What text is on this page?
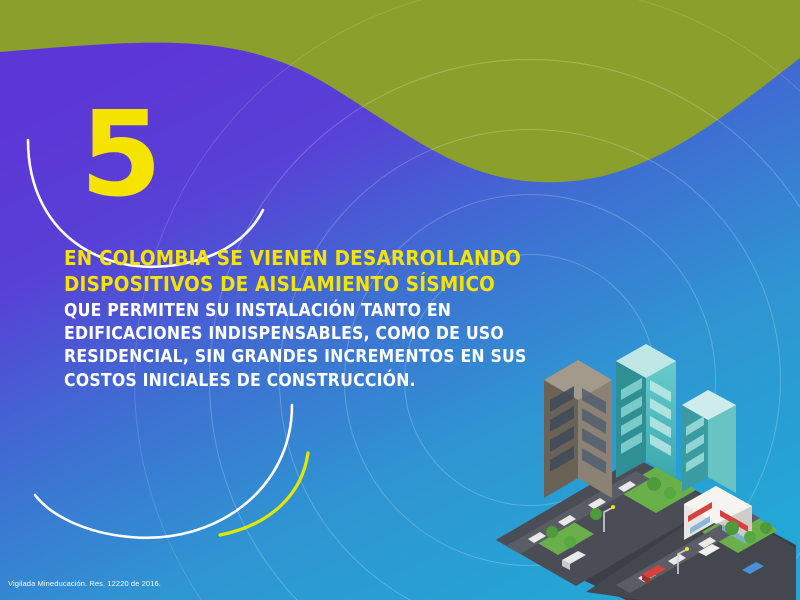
5

EN COLOMBIA SE VIENEN DESARROLLANDO DISPOSITIVOS DE AISLAMIENTO SÍSMICO

QUE PERMITEN SU INSTALACIÓN TANTO EN EDIFICACIONES INDISPENSABLES, COMO DE USO RESIDENCIAL, SIN GRANDES INCREMENTOS EN SUS COSTOS INICIALES DE CONSTRUCCIÓN.

Vigilada Mineducación. Res. 12220 de 2016.
